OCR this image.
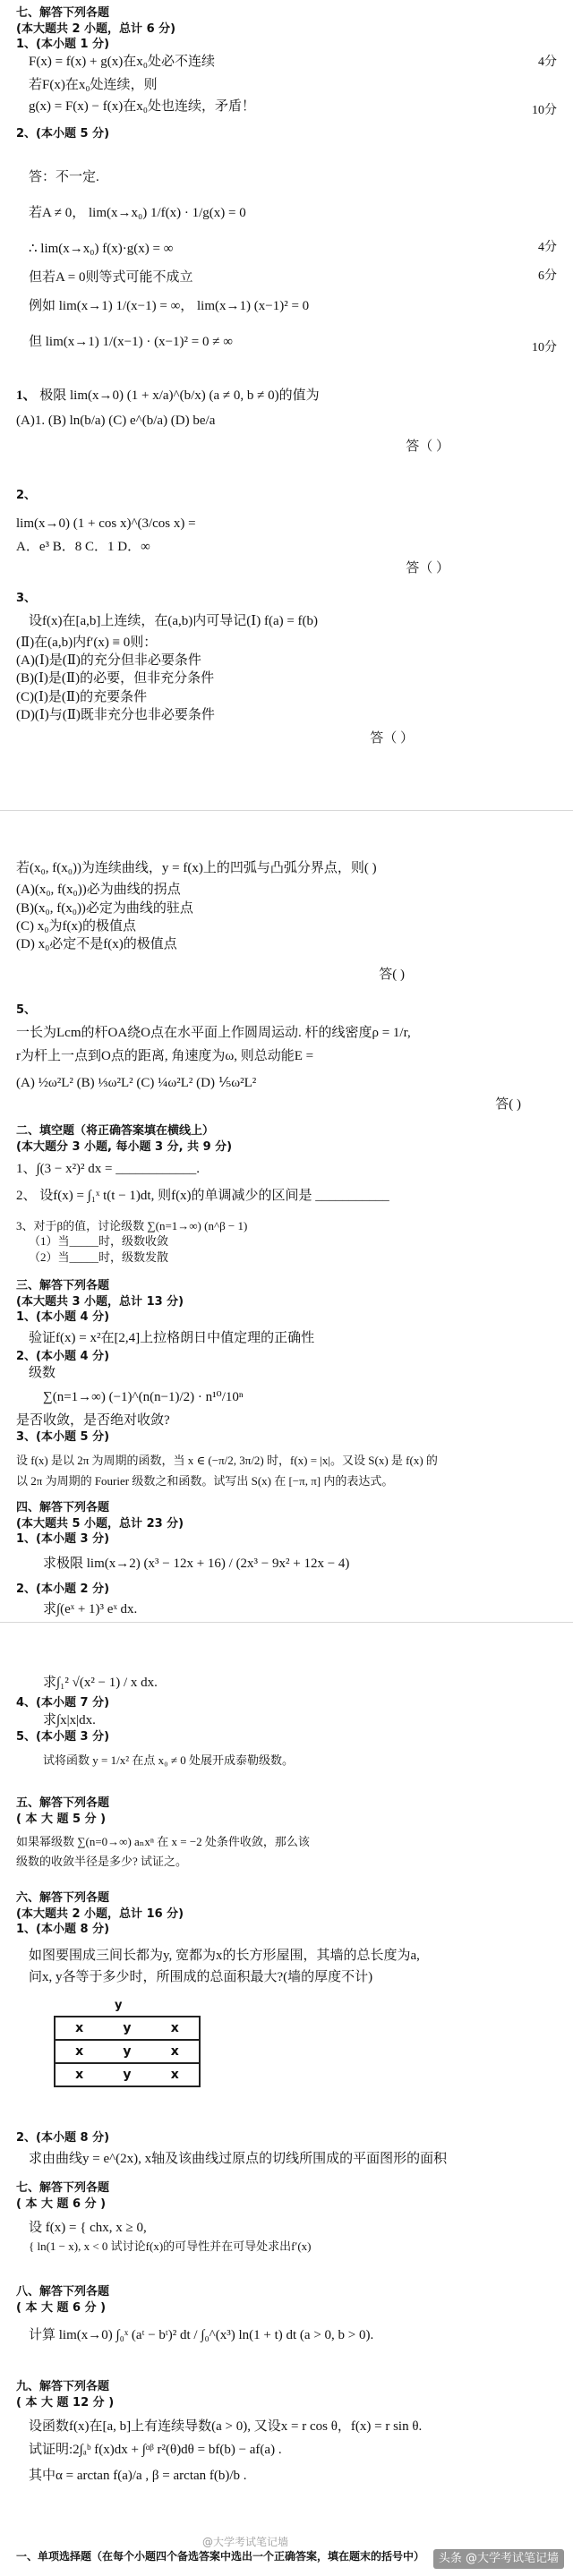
七、解答下列各题
(本大题共 2 小题，总计 6 分)
1、(本小题 1 分)
F(x) = f(x) + g(x)在x₀处必不连续	4分
若F(x)在x₀处连续，则
g(x) = F(x) − f(x)在x₀处也连续，矛盾！	10分
2、(本小题 5 分)
答：不一定.
若A ≠ 0， lim(x→x₀) 1/f(x) · 1/g(x) = 0
∴ lim(x→x₀) f(x)·g(x) = ∞	4分
但若A = 0则等式可能不成立	6分
例如 lim(x→1) 1/(x−1) = ∞， lim(x→1) (x−1)² = 0
但 lim(x→1) 1/(x−1) · (x−1)² = 0 ≠ ∞	10分
1、 极限 lim(x→0) (1 + x/a)^(b/x) (a ≠ 0, b ≠ 0)的值为
(A)1. (B) ln(b/a) (C) e^(b/a) (D) be/a
答（ ）
2、
lim(x→0) (1 + cos x)^(3/cos x) =
A．e³ B．8 C．1 D．∞
答（ ）
3、
设f(x)在[a,b]上连续，在(a,b)内可导记(Ⅰ) f(a) = f(b)
(Ⅱ)在(a,b)内f′(x) ≡ 0则：
(A)(Ⅰ)是(Ⅱ)的充分但非必要条件
(B)(Ⅰ)是(Ⅱ)的必要，但非充分条件
(C)(Ⅰ)是(Ⅱ)的充要条件
(D)(Ⅰ)与(Ⅱ)既非充分也非必要条件
答（ ）
若(x₀, f(x₀))为连续曲线，y = f(x)上的凹弧与凸弧分界点，则( )
(A)(x₀, f(x₀))必为曲线的拐点
(B)(x₀, f(x₀))必定为曲线的驻点
(C) x₀为f(x)的极值点
(D) x₀必定不是f(x)的极值点
答( )
5、
一长为Lcm的杆OA绕O点在水平面上作圆周运动. 杆的线密度ρ = 1/r,
r为杆上一点到O点的距离, 角速度为ω, 则总动能E =
(A) ½ω²L² (B) ⅓ω²L² (C) ¼ω²L² (D) ⅕ω²L²
答( )
二、填空题（将正确答案填在横线上）
(本大题分 3 小题, 每小题 3 分, 共 9 分)
1、∫(3 − x²)² dx = ____________.
2、 设f(x) = ∫₁ˣ t(t − 1)dt, 则f(x)的单调减少的区间是 ___________
3、对于β的值，讨论级数 ∑(n=1→∞) (n^β − 1)
（1）当_____时，级数收敛
（2）当_____时，级数发散
三、解答下列各题
(本大题共 3 小题，总计 13 分)
1、(本小题 4 分)
验证f(x) = x²在[2,4]上拉格朗日中值定理的正确性
2、(本小题 4 分)
级数
∑(n=1→∞) (−1)^(n(n−1)/2) · n¹⁰/10ⁿ
是否收敛，是否绝对收敛?
3、(本小题 5 分)
设 f(x) 是以 2π 为周期的函数，当 x ∈ (−π/2, 3π/2) 时，f(x) = |x|。又设 S(x) 是 f(x) 的
以 2π 为周期的 Fourier 级数之和函数。试写出 S(x) 在 [−π, π] 内的表达式。
四、解答下列各题
(本大题共 5 小题，总计 23 分)
1、(本小题 3 分)
求极限 lim(x→2) (x³ − 12x + 16) / (2x³ − 9x² + 12x − 4)
2、(本小题 2 分)
求∫(eˣ + 1)³ eˣ dx.
求∫₁² √(x² − 1) / x dx.
4、(本小题 7 分)
求∫x|x|dx.
5、(本小题 3 分)
试将函数 y = 1/x² 在点 x₀ ≠ 0 处展开成泰勒级数。
五、解答下列各题
( 本 大 题 5 分 )
如果幂级数 ∑(n=0→∞) aₙxⁿ 在 x = −2 处条件收敛，那么该
级数的收敛半径是多少? 试证之。
六、解答下列各题
(本大题共 2 小题，总计 16 分)
1、(本小题 8 分)
如图要围成三间长都为y, 宽都为x的长方形屋围，其墙的总长度为a,
问x, y各等于多少时，所围成的总面积最大?(墙的厚度不计)
y
x	y	x
x	y	x
x	y	x
2、(本小题 8 分)
求由曲线y = e^(2x), x轴及该曲线过原点的切线所围成的平面图形的面积
七、解答下列各题
( 本 大 题 6 分 )
设 f(x) = { chx, x ≥ 0,
{ ln(1 − x), x < 0 试讨论f(x)的可导性并在可导处求出f′(x)
八、解答下列各题
( 本 大 题 6 分 )
计算 lim(x→0) ∫₀ˣ (aᵗ − bᵗ)² dt / ∫₀^(x³) ln(1 + t) dt (a > 0, b > 0).
九、解答下列各题
( 本 大 题 12 分 )
设函数f(x)在[a, b]上有连续导数(a > 0), 又设x = r cos θ，f(x) = r sin θ.
试证明:2∫ₐᵇ f(x)dx + ∫ᵅᵝ r²(θ)dθ = bf(b) − af(a) .
其中α = arctan f(a)/a , β = arctan f(b)/b .
一、单项选择题（在每个小题四个备选答案中选出一个正确答案，填在题末的括号中）
@大学考试笔记墙
头条 @大学考试笔记墙
